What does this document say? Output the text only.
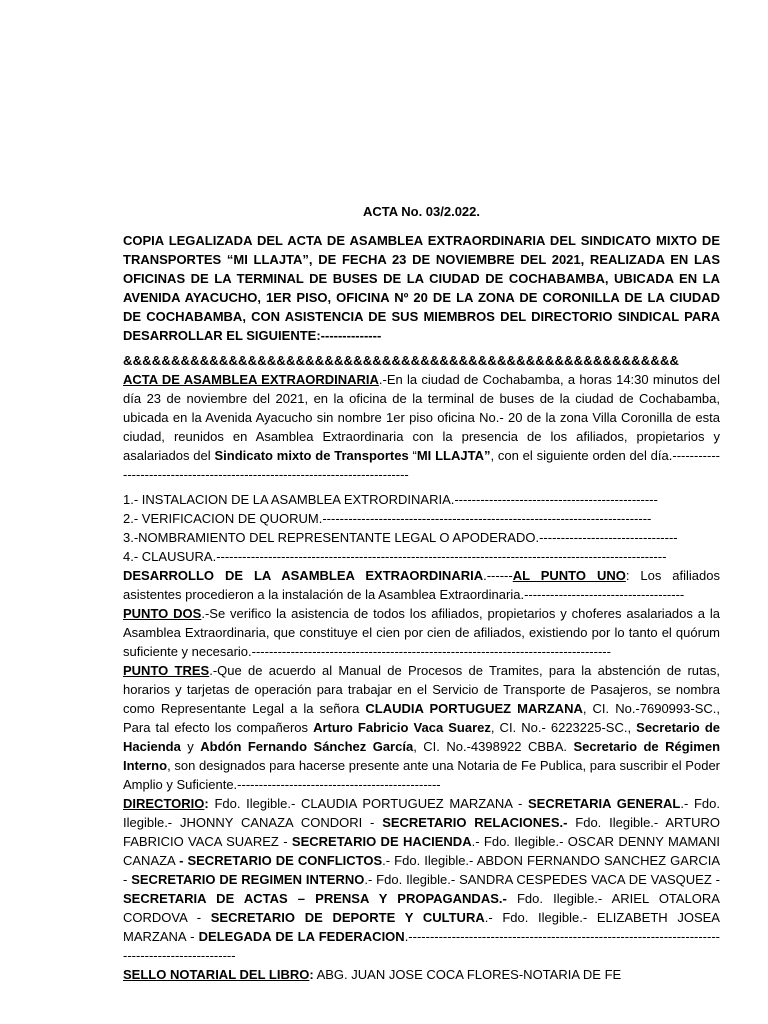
ACTA No. 03/2.022.

COPIA LEGALIZADA DEL ACTA DE ASAMBLEA EXTRAORDINARIA DEL SINDICATO MIXTO DE TRANSPORTES “MI LLAJTA”, DE FECHA 23 DE NOVIEMBRE DEL 2021, REALIZADA EN LAS OFICINAS DE LA TERMINAL DE BUSES DE LA CIUDAD DE COCHABAMBA, UBICADA EN LA AVENIDA AYACUCHO, 1ER PISO, OFICINA Nº 20 DE LA ZONA DE CORONILLA DE LA CIUDAD DE COCHABAMBA, CON ASISTENCIA DE SUS MIEMBROS DEL DIRECTORIO SINDICAL PARA DESARROLLAR EL SIGUIENTE:--------------

&&&&&&&&&&&&&&&&&&&&&&&&&&&&&&&&&&&&&&&&&&&&&&&&&&&&&&&&&&

ACTA DE ASAMBLEA EXTRAORDINARIA.-En la ciudad de Cochabamba, a horas 14:30 minutos del día 23 de noviembre del 2021, en la oficina de la terminal de buses de la ciudad de Cochabamba, ubicada en la Avenida Ayacucho sin nombre 1er piso oficina No.- 20 de la zona Villa Coronilla de esta ciudad, reunidos en Asamblea Extraordinaria con la presencia de los afiliados, propietarios y asalariados del Sindicato mixto de Transportes “MI LLAJTA”, con el siguiente orden del día.-----------------------------------------------------------------------------

1.- INSTALACION DE LA ASAMBLEA EXTRORDINARIA.-----------------------------------------------

2.- VERIFICACION DE QUORUM.----------------------------------------------------------------------------

3.-NOMBRAMIENTO DEL REPRESENTANTE LEGAL O APODERADO.--------------------------------

4.- CLAUSURA.--------------------------------------------------------------------------------------------------------

DESARROLLO DE LA ASAMBLEA EXTRAORDINARIA.------AL PUNTO UNO: Los afiliados asistentes procedieron a la instalación de la Asamblea Extraordinaria.-------------------------------------

PUNTO DOS.-Se verifico la asistencia de todos los afiliados, propietarios y choferes asalariados a la Asamblea Extraordinaria, que constituye el cien por cien de afiliados, existiendo por lo tanto el quórum suficiente y necesario.-----------------------------------------------------------------------------------

PUNTO TRES.-Que de acuerdo al Manual de Procesos de Tramites, para la abstención de rutas, horarios y tarjetas de operación para trabajar en el Servicio de Transporte de Pasajeros, se nombra como Representante Legal a la señora CLAUDIA PORTUGUEZ MARZANA, CI. No.-7690993-SC., Para tal efecto los compañeros Arturo Fabricio Vaca Suarez, CI. No.- 6223225-SC., Secretario de Hacienda y Abdón Fernando Sánchez García, CI. No.-4398922 CBBA. Secretario de Régimen Interno, son designados para hacerse presente ante una Notaria de Fe Publica, para suscribir el Poder Amplio y Suficiente.-----------------------------------------------

DIRECTORIO: Fdo. Ilegible.- CLAUDIA PORTUGUEZ MARZANA - SECRETARIA GENERAL.- Fdo. Ilegible.- JHONNY CANAZA CONDORI - SECRETARIO RELACIONES.- Fdo. Ilegible.- ARTURO FABRICIO VACA SUAREZ - SECRETARIO DE HACIENDA.- Fdo. Ilegible.- OSCAR DENNY MAMANI CANAZA - SECRETARIO DE CONFLICTOS.- Fdo. Ilegible.- ABDON FERNANDO SANCHEZ GARCIA - SECRETARIO DE REGIMEN INTERNO.- Fdo. Ilegible.- SANDRA CESPEDES VACA DE VASQUEZ - SECRETARIA DE ACTAS – PRENSA Y PROPAGANDAS.- Fdo. Ilegible.- ARIEL OTALORA CORDOVA - SECRETARIO DE DEPORTE Y CULTURA.- Fdo. Ilegible.- ELIZABETH JOSEA MARZANA - DELEGADA DE LA FEDERACION.--------------------------------------------------------------------------------------------------

SELLO NOTARIAL DEL LIBRO: ABG. JUAN JOSE COCA FLORES-NOTARIA DE FE
